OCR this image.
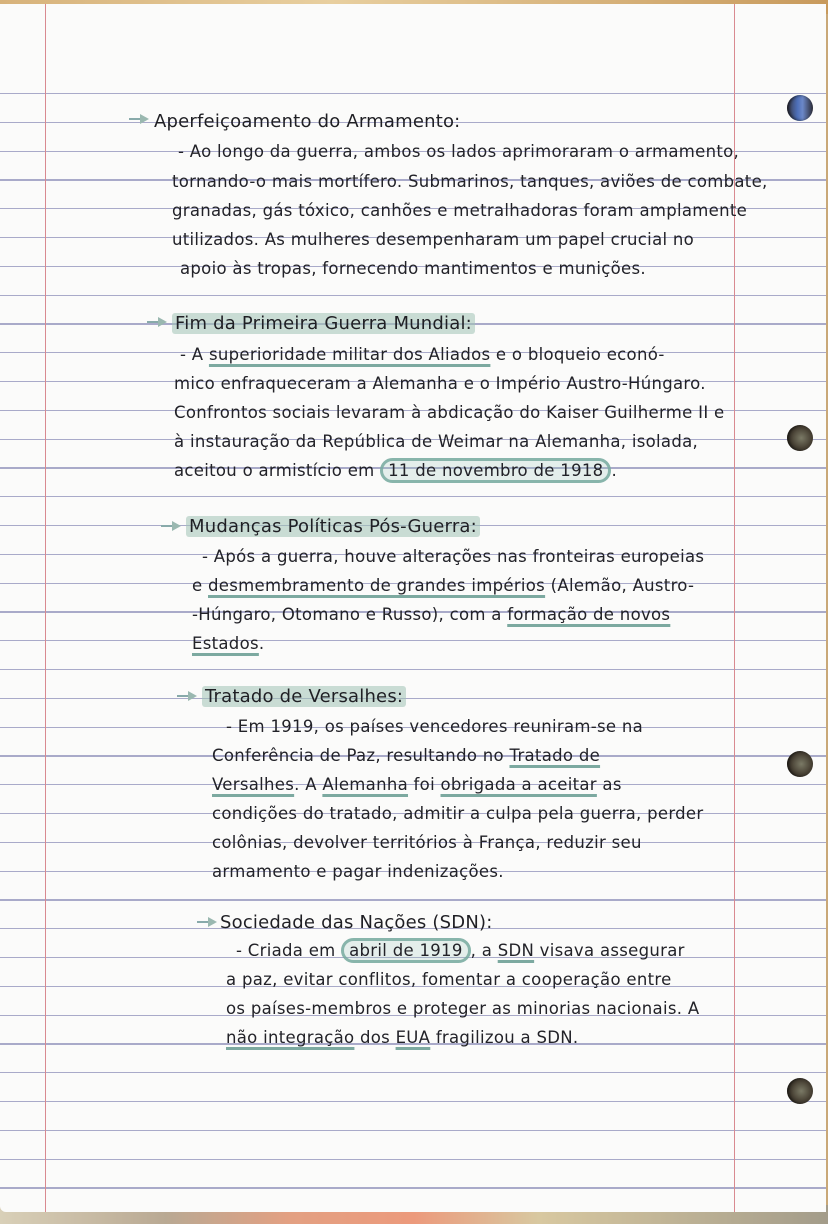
Aperfeiçoamento do Armamento:
- Ao longo da guerra, ambos os lados aprimoraram o armamento,
tornando-o mais mortífero. Submarinos, tanques, aviões de combate,
granadas, gás tóxico, canhões e metralhadoras foram amplamente
utilizados. As mulheres desempenharam um papel crucial no
apoio às tropas, fornecendo mantimentos e munições.
Fim da Primeira Guerra Mundial:
- A superioridade militar dos Aliados e o bloqueio econó-
mico enfraqueceram a Alemanha e o Império Austro-Húngaro.
Confrontos sociais levaram à abdicação do Kaiser Guilherme II e
à instauração da República de Weimar na Alemanha, isolada,
aceitou o armistício em 11 de novembro de 1918 .
Mudanças Políticas Pós-Guerra:
- Após a guerra, houve alterações nas fronteiras europeias
e desmembramento de grandes impérios (Alemão, Austro-
-Húngaro, Otomano e Russo), com a formação de novos
Estados.
Tratado de Versalhes:
- Em 1919, os países vencedores reuniram-se na
Conferência de Paz, resultando no Tratado de
Versalhes. A Alemanha foi obrigada a aceitar as
condições do tratado, admitir a culpa pela guerra, perder
colônias, devolver territórios à França, reduzir seu
armamento e pagar indenizações.
Sociedade das Nações (SDN):
- Criada em abril de 1919 , a SDN visava assegurar
a paz, evitar conflitos, fomentar a cooperação entre
os países-membros e proteger as minorias nacionais. A
não integração dos EUA fragilizou a SDN.
